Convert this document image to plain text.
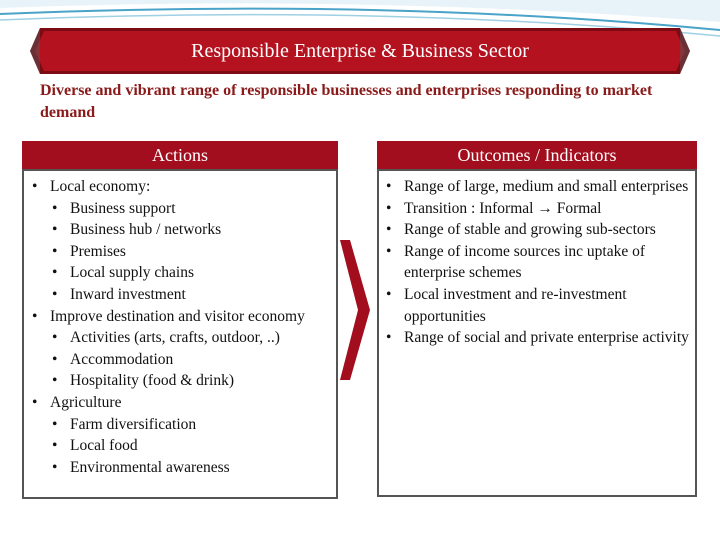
Responsible Enterprise & Business Sector
Diverse and vibrant range of responsible businesses and enterprises responding to market demand
Actions
• Local economy:
• Business support
• Business hub / networks
• Premises
• Local supply chains
• Inward investment
• Improve destination and visitor economy
• Activities (arts, crafts, outdoor, ..)
• Accommodation
• Hospitality (food & drink)
• Agriculture
• Farm diversification
• Local food
• Environmental awareness
Outcomes / Indicators
• Range of large, medium and small enterprises
• Transition : Informal → Formal
• Range of stable and growing sub-sectors
• Range of income sources inc uptake of enterprise schemes
• Local investment and re-investment opportunities
• Range of social and private enterprise activity
